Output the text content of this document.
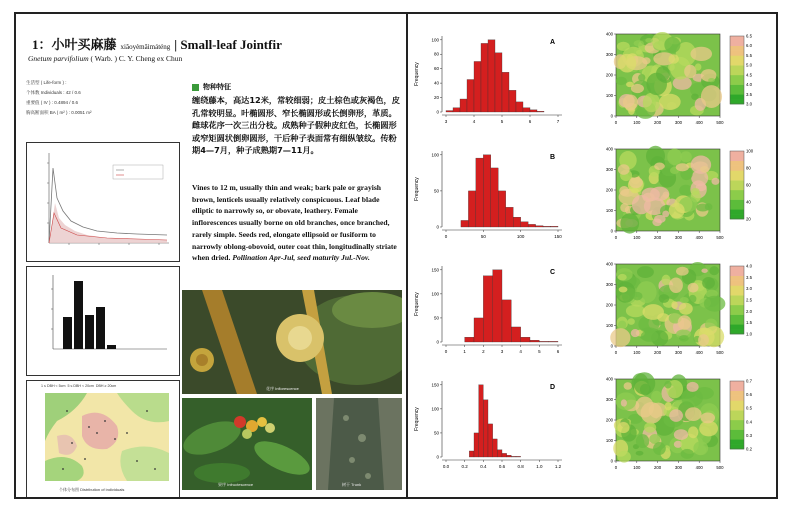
1：小叶买麻藤 xiǎoyèmǎimáténg | Small-leaf Jointfir
Gnetum parvifolium ( Warb. ) C. Y. Cheng ex Chun
生活型 ( Life-form ) :
个体数 Individuals : 42 / 0.6
重要值 ( IV ) : 0.4894 / 0.6
胸高断面积 BA ( m² ) : 0.0051 m²
1 ≤ DBH < 5cm 5 ≤ DBH < 20cm DBH ≥ 20cm
个体分布图 Distribution of individuals
物种特征
缠绕藤本，高达12米，常较细弱；皮土棕色或灰褐色，皮孔常较明显。叶椭圆形、窄长椭圆形或长倒卵形，革质。雌球花序一次三出分枝。成熟种子假种皮红色，长椭圆形或窄矩圆状倒卵圆形，干后种子表面常有细纵皱纹。传粉期4—7月，种子成熟期7—11月。
Vines to 12 m, usually thin and weak; bark pale or grayish brown, lenticels usually relatively conspicuous. Leaf blade elliptic to narrowly so, or obovate, leathery. Female inflorescences usually borne on old branches, once branched, rarely simple. Seeds red, elongate ellipsoid or fusiform to narrowly oblong-obovoid, outer coat thin, longitudinally striate when dried. Pollination Apr-Jul, seed maturity Jul.-Nov.
花序 Inflorescence
果序 Infructescence	树干 Trunk
Frequency
0
20
40
60
80
100
3	4	5	6	7
A
0	100	200	300	400	500
0
100
200
300
400
3.0
3.5
4.0
4.5
5.0
5.5
6.0
6.5
Frequency
0
50
100
0	50	100	150
B
0	100	200	300	400	500
0
100
200
300
400
20
40
60
80
100
Frequency
0
50
100
150
0	1	2	3	4	5	6
C
0	100	200	300	400	500
0
100
200
300
400
1.0
1.5
2.0
2.5
3.0
3.5
4.0
Frequency
0
50
100
150
0.0	0.2	0.4	0.6	0.8	1.0	1.2
D
0	100	200	300	400	500
0
100
200
300
400
0.2
0.3
0.4
0.5
0.6
0.7
